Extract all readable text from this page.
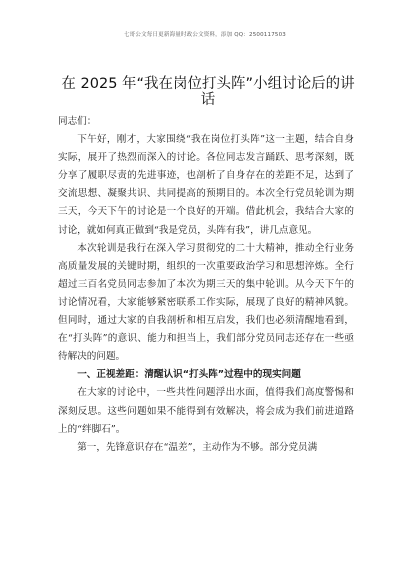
七哥公文每日更新海量时政公文资料，添加 QQ：2500117503
在 2025 年“我在岗位打头阵”小组讨论后的讲话

同志们：

下午好，刚才，大家围绕“我在岗位打头阵”这一主题，结合自身实际，展开了热烈而深入的讨论。各位同志发言踊跃、思考深刻，既分享了履职尽责的先进事迹，也剖析了自身存在的差距不足，达到了交流思想、凝聚共识、共同提高的预期目的。本次全行党员轮训为期三天，今天下午的讨论是一个良好的开端。借此机会，我结合大家的讨论，就如何真正做到“我是党员，头阵有我”，讲几点意见。

本次轮训是我行在深入学习贯彻党的二十大精神，推动全行业务高质量发展的关键时期，组织的一次重要政治学习和思想淬炼。全行超过三百名党员同志参加了本次为期三天的集中轮训。从今天下午的讨论情况看，大家能够紧密联系工作实际，展现了良好的精神风貌。但同时，通过大家的自我剖析和相互启发，我们也必须清醒地看到，在“打头阵”的意识、能力和担当上，我们部分党员同志还存在一些亟待解决的问题。

一、正视差距：清醒认识“打头阵”过程中的现实问题

在大家的讨论中，一些共性问题浮出水面，值得我们高度警惕和深刻反思。这些问题如果不能得到有效解决，将会成为我们前进道路上的“绊脚石”。

第一，先锋意识存在“温差”，主动作为不够。部分党员满
